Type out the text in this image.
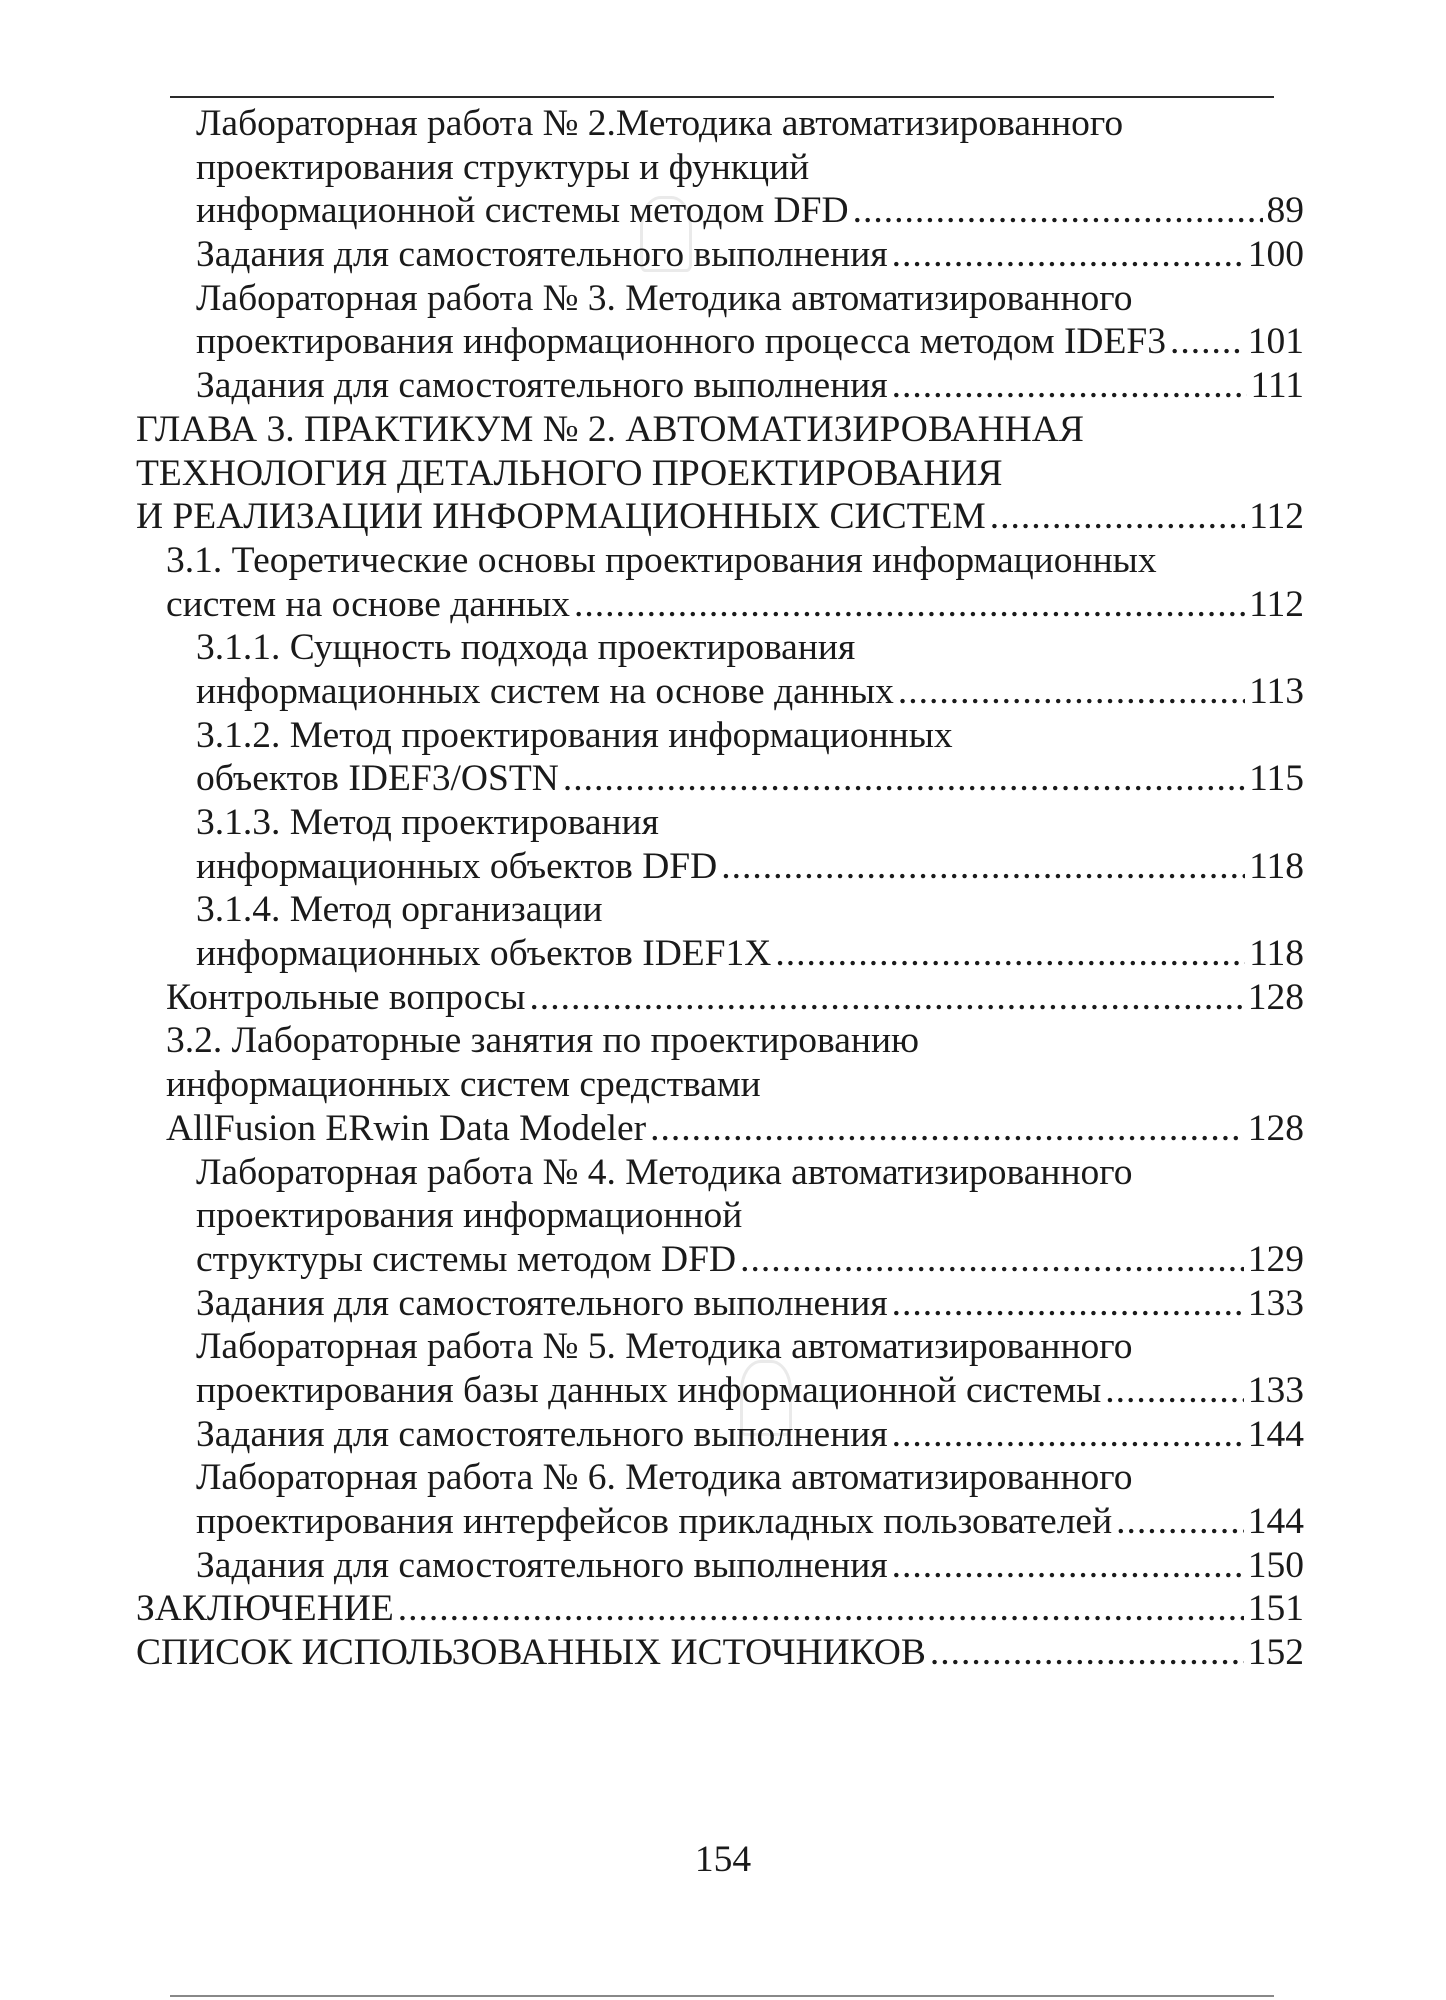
Лабораторная работа № 2.Методика автоматизированного
проектирования структуры и функций
информационной системы методом DFD .....	89
Задания для самостоятельного выполнения .....	100
Лабораторная работа № 3. Методика автоматизированного
проектирования информационного процесса методом IDEF3 ..... 101
Задания для самостоятельного выполнения .....	111
ГЛАВА 3. ПРАКТИКУМ № 2. АВТОМАТИЗИРОВАННАЯ
ТЕХНОЛОГИЯ ДЕТАЛЬНОГО ПРОЕКТИРОВАНИЯ
И РЕАЛИЗАЦИИ ИНФОРМАЦИОННЫХ СИСТЕМ .....	112
3.1. Теоретические основы проектирования информационных
систем на основе данных .....	112
3.1.1. Сущность подхода проектирования
информационных систем на основе данных .....	113
3.1.2. Метод проектирования информационных
объектов IDEF3/OSTN .....	115
3.1.3. Метод проектирования
информационных объектов DFD .....	118
3.1.4. Метод организации
информационных объектов IDEF1X .....	118
Контрольные вопросы .....	128
3.2. Лабораторные занятия по проектированию
информационных систем средствами
AllFusion ERwin Data Modeler .....	128
Лабораторная работа № 4. Методика автоматизированного
проектирования информационной
структуры системы методом DFD .....	129
Задания для самостоятельного выполнения .....	133
Лабораторная работа № 5. Методика автоматизированного
проектирования базы данных информационной системы .....	133
Задания для самостоятельного выполнения .....	144
Лабораторная работа № 6. Методика автоматизированного
проектирования интерфейсов прикладных пользователей .....	144
Задания для самостоятельного выполнения .....	150
ЗАКЛЮЧЕНИЕ .....	151
СПИСОК ИСПОЛЬЗОВАННЫХ ИСТОЧНИКОВ .....	152
154
